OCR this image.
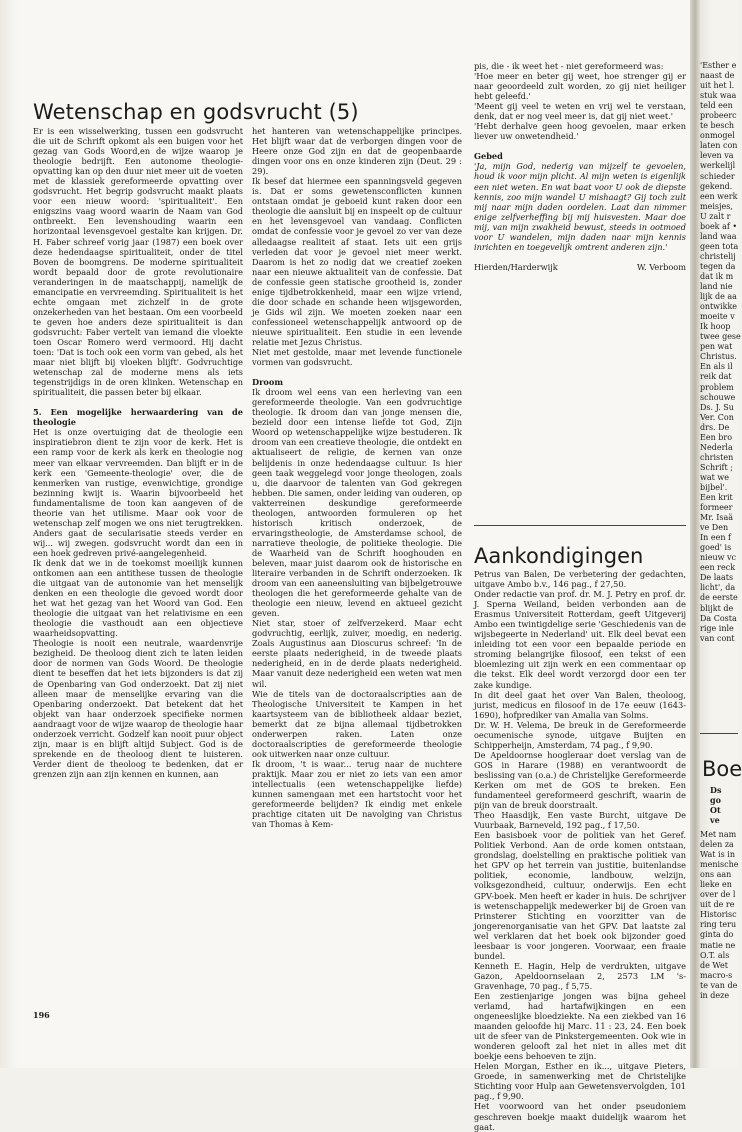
Wetenschap en godsvrucht (5)

Er is een wisselwerking, tussen een godsvrucht die uit de Schrift opkomt als een buigen voor het gezag van Gods Woord,en de wijze waarop je theologie bedrijft. Een autonome theologie-opvatting kan op den duur niet meer uit de voeten met de klassiek gereformeerde opvatting over godsvrucht. Het begrip godsvrucht maakt plaats voor een nieuw woord: 'spiritualiteit'. Een enigszins vaag woord waarin de Naam van God ontbreekt. Een levenshouding waarin een horizontaal levensgevoel gestalte kan krijgen. Dr. H. Faber schreef vorig jaar (1987) een boek over deze hedendaagse spiritualiteit, onder de titel Boven de boomgrens. De moderne spiritualiteit wordt bepaald door de grote revolutionaire veranderingen in de maatschappij, namelijk de emancipatie en vervreemding. Spiritualiteit is het echte omgaan met zichzelf in de grote onzekerheden van het bestaan. Om een voorbeeld te geven hoe anders deze spiritualiteit is dan godsvrucht: Faber vertelt van iemand die vloekte toen Oscar Romero werd vermoord. Hij dacht toen: 'Dat is toch ook een vorm van gebed, als het maar niet blijft bij vloeken blijft'. Godvruchtige wetenschap zal de moderne mens als iets tegenstrijdigs in de oren klinken. Wetenschap en spiritualiteit, die passen beter bij elkaar.

5. Een mogelijke herwaardering van de theologie

Het is onze overtuiging dat de theologie een inspiratiebron dient te zijn voor de kerk. Het is een ramp voor de kerk als kerk en theologie nog meer van elkaar vervreemden. Dan blijft er in de kerk een 'Gemeente-theologie' over, die de kenmerken van rustige, evenwichtige, grondige bezinning kwijt is. Waarin bijvoorbeeld het fundamentalisme de toon kan aangeven of de theorie van het utilisme. Maar ook voor de wetenschap zelf mogen we ons niet terugtrekken. Anders gaat de secularisatie steeds verder en wij... wij zwegen. godsvrucht wordt dan een in een hoek gedreven privé-aangelegenheid.

Ik denk dat we in de toekomst moeilijk kunnen ontkomen aan een antithese tussen de theologie die uitgaat van de autonomie van het menselijk denken en een theologie die gevoed wordt door het wat het gezag van het Woord van God. Een theologie die uitgaat van het relativisme en een theologie die vasthoudt aan een objectieve waarheidsopvatting.

Theologie is nooit een neutrale, waardenvrije bezigheid. De theoloog dient zich te laten leiden door de normen van Gods Woord. De theologie dient te beseffen dat het iets bijzonders is dat zij de Openbaring van God onderzoekt. Dat zij niet alleen maar de menselijke ervaring van die Openbaring onderzoekt. Dat betekent dat het objekt van haar onderzoek specifieke normen aandraagt voor de wijze waarop de theologie haar onderzoek verricht. Godzelf kan nooit puur object zijn, maar is en blijft altijd Subject. God is de sprekende en de theoloog dient te luisteren. Verder dient de theoloog te bedenken, dat er grenzen zijn aan zijn kennen en kunnen, aan

het hanteren van wetenschappelijke principes. Het blijft waar dat de verborgen dingen voor de Heere onze God zijn en dat de geopenbaarde dingen voor ons en onze kinderen zijn (Deut. 29 : 29).

Ik besef dat hiermee een spanningsveld gegeven is. Dat er soms gewetensconflicten kunnen ontstaan omdat je geboeid kunt raken door een theologie die aansluit bij en inspeelt op de cultuur en het levensgevoel van vandaag. Conflicten omdat de confessie voor je gevoel zo ver van deze alledaagse realiteit af staat. Iets uit een grijs verleden dat voor je gevoel niet meer werkt. Daarom is het zo nodig dat we creatief zoeken naar een nieuwe aktualiteit van de confessie. Dat de confessie geen statische grootheid is, zonder enige tijdbetrokkenheid, maar een wijze vriend, die door schade en schande heen wijsgeworden, je Gids wil zijn. We moeten zoeken naar een confessioneel wetenschappelijk antwoord op de nieuwe spiritualiteit. Een studie in een levende relatie met Jezus Christus.

Niet met gestolde, maar met levende functionele vormen van godsvrucht.

Droom

Ik droom wel eens van een herleving van een gereformeerde theologie. Van een godvruchtige theologie. Ik droom dan van jonge mensen die, bezield door een intense liefde tot God, Zijn Woord op wetenschappelijke wijze bestuderen. Ik droom van een creatieve theologie, die ontdekt en aktualiseert de religie, de kernen van onze belijdenis in onze hedendaagse cultuur. Is hier geen taak weggelegd voor jonge theologen, zoals u, die daarvoor de talenten van God gekregen hebben. Die samen, onder leiding van ouderen, op vakterreinen deskundige gereformeerde theologen, antwoorden formuleren op het historisch kritisch onderzoek, de ervaringstheologie, de Amsterdamse school, de narratieve theologie, de politieke theologie. Die de Waarheid van de Schrift hooghouden en beleven, maar juist daarom ook de historische en literaire verbanden in de Schrift onderzoeken. Ik droom van een aaneensluiting van bijbelgetrouwe theologen die het gereformeerde gehalte van de theologie een nieuw, levend en aktueel gezicht geven.

Niet star, stoer of zelfverzekerd. Maar echt godvruchtig, eerlijk, zuiver, moedig, en nederig. Zoals Augustinus aan Dioscurus schreef: 'In de eerste plaats nederigheid, in de tweede plaats nederigheid, en in de derde plaats nederigheid. Maar vanuit deze nederigheid een weten wat men wil.

Wie de titels van de doctoraalscripties aan de Theologische Universiteit te Kampen in het kaartsysteem van de bibliotheek aldaar beziet, bemerkt dat ze bijna allemaal tijdbetrokken onderwerpen raken. Laten onze doctoraalscripties de gereformeerde theologie ook uitwerken naar onze cultuur.

Ik droom, 't is waar... terug naar de nuchtere praktijk. Maar zou er niet zo iets van een amor intellectualis (een wetenschappelijke liefde) kunnen samengaan met een hartstocht voor het gereformeerde belijden? Ik eindig met enkele prachtige citaten uit De navolging van Christus van Thomas à Kem-

pis, die - ik weet het - niet gereformeerd was:

'Hoe meer en beter gij weet, hoe strenger gij er naar geoordeeld zult worden, zo gij niet heiliger hebt geleefd.'

'Meent gij veel te weten en vrij wel te verstaan, denk, dat er nog veel meer is, dat gij niet weet.'

'Hebt derhalve geen hoog gevoelen, maar erken liever uw onwetendheid.'

Gebed

'Ja, mijn God, nederig van mijzelf te gevoelen, houd ik voor mijn plicht. Al mijn weten is eigenlijk een niet weten. En wat baat voor U ook de diepste kennis, zoo mijn wandel U mishaagt? Gij toch zult mij naar mijn daden oordelen. Laat dan nimmer enige zelfverheffing bij mij huisvesten. Maar doe mij, van mijn zwakheid bewust, steeds in ootmoed voor U wandelen, mijn daden naar mijn kennis inrichten en toegevelijk omtrent anderen zijn.'

Hierden/Harderwijk	W. Verboom
Aankondigingen

Petrus van Balen, De verbetering der gedachten, uitgave Ambo b.v., 146 pag., f 27,50.

Onder redactie van prof. dr. M. J. Petry en prof. dr. J. Sperna Weiland, beiden verbonden aan de Erasmus Universiteit Rotterdam, geeft Uitgeverij Ambo een twintigdelige serie 'Geschiedenis van de wijsbegeerte in Nederland' uit. Elk deel bevat een inleiding tot een voor een bepaalde periode en stroming belangrijke filosoof, een tekst of een bloemlezing uit zijn werk en een commentaar op die tekst. Elk deel wordt verzorgd door een ter zake kundige.

In dit deel gaat het over Van Balen, theoloog, jurist, medicus en filosoof in de 17e eeuw (1643-1690), hofprediker van Amalia van Solms.

Dr. W. H. Velema, De breuk in de Gereformeerde oecumenische synode, uitgave Buijten en Schipperheijn, Amsterdam, 74 pag., f 9,90.

De Apeldoornse hoogleraar doet verslag van de GOS in Harare (1988) en verantwoordt de beslissing van (o.a.) de Christelijke Gereformeerde Kerken om met de GOS te breken. Een fundamenteel gereformeerd geschrift, waarin de pijn van de breuk doorstraalt.

Theo Haasdijk, Een vaste Burcht, uitgave De Vuurbaak, Barneveld, 192 pag., f 17,50.

Een basisboek voor de politiek van het Geref. Politiek Verbond. Aan de orde komen ontstaan, grondslag, doelstelling en praktische politiek van het GPV op het terrein van justitie, buitenlandse politiek, economie, landbouw, welzijn, volksgezondheid, cultuur, onderwijs. Een echt GPV-boek. Men heeft er kader in huis. De schrijver is wetenschappelijk medewerker bij de Groen van Prinsterer Stichting en voorzitter van de jongerenorganisatie van het GPV. Dat laatste zal wel verklaren dat het boek ook bijzonder goed leesbaar is voor jongeren. Voorwaar, een fraaie bundel.

Kenneth E. Hagin, Help de verdrukten, uitgave Gazon, Apeldoornselaan 2, 2573 LM 's-Gravenhage, 70 pag., f 5,75.

Een zestienjarige jongen was bijna geheel verlamd, had hartafwijkingen en een ongeneeslijke bloedziekte. Na een ziekbed van 16 maanden geloofde hij Marc. 11 : 23, 24. Een boek uit de sfeer van de Pinkstergemeenten. Ook wie in wonderen gelooft zal het niet in alles met dit boekje eens behoeven te zijn.

Helen Morgan, Esther en ik..., uitgave Pieters, Groede, in samenwerking met de Christelijke Stichting voor Hulp aan Gewetensvervolgden, 101 pag., f 9,90.

Het voorwoord van het onder pseudoniem geschreven boekje maakt duidelijk waarom het gaat.

196
'Esther e
naast de
uit het l.
stuk waa
teld een
probeerc
te besch
onmogel
laten con
leven va
werkelijl
schieder
gekend.
een werk
meisjes,
U zalt r
boek af •
land waa
geen tota
christelij
tegen da
dat ik m
land nie
lijk de aa
ontwikke
moeite v
Ik hoop
twee gese
pen wat
Christus.
En als il
reik dat
problem
schouwe
Ds. J. Su
Ver. Con
drs. De
Een bro
Nederla
christen
Schrift ;
wat we
bijbel'.
Een krit
formeer
Mr. Isaä
ve Den
In een f
goed' is
nieuw vc
een reck
De laats
licht', da
de eerste
blijkt de
Da Costa
rige inle
van cont
Boe
Ds
go
Ot
ve
Met nam
delen za
Wat is in
menische
ons aan
lieke en
over de l
uit de re
Historisc
ring teru
ginta do
matie ne
O.T. als
de Wet
macro-s
te van de
in deze
